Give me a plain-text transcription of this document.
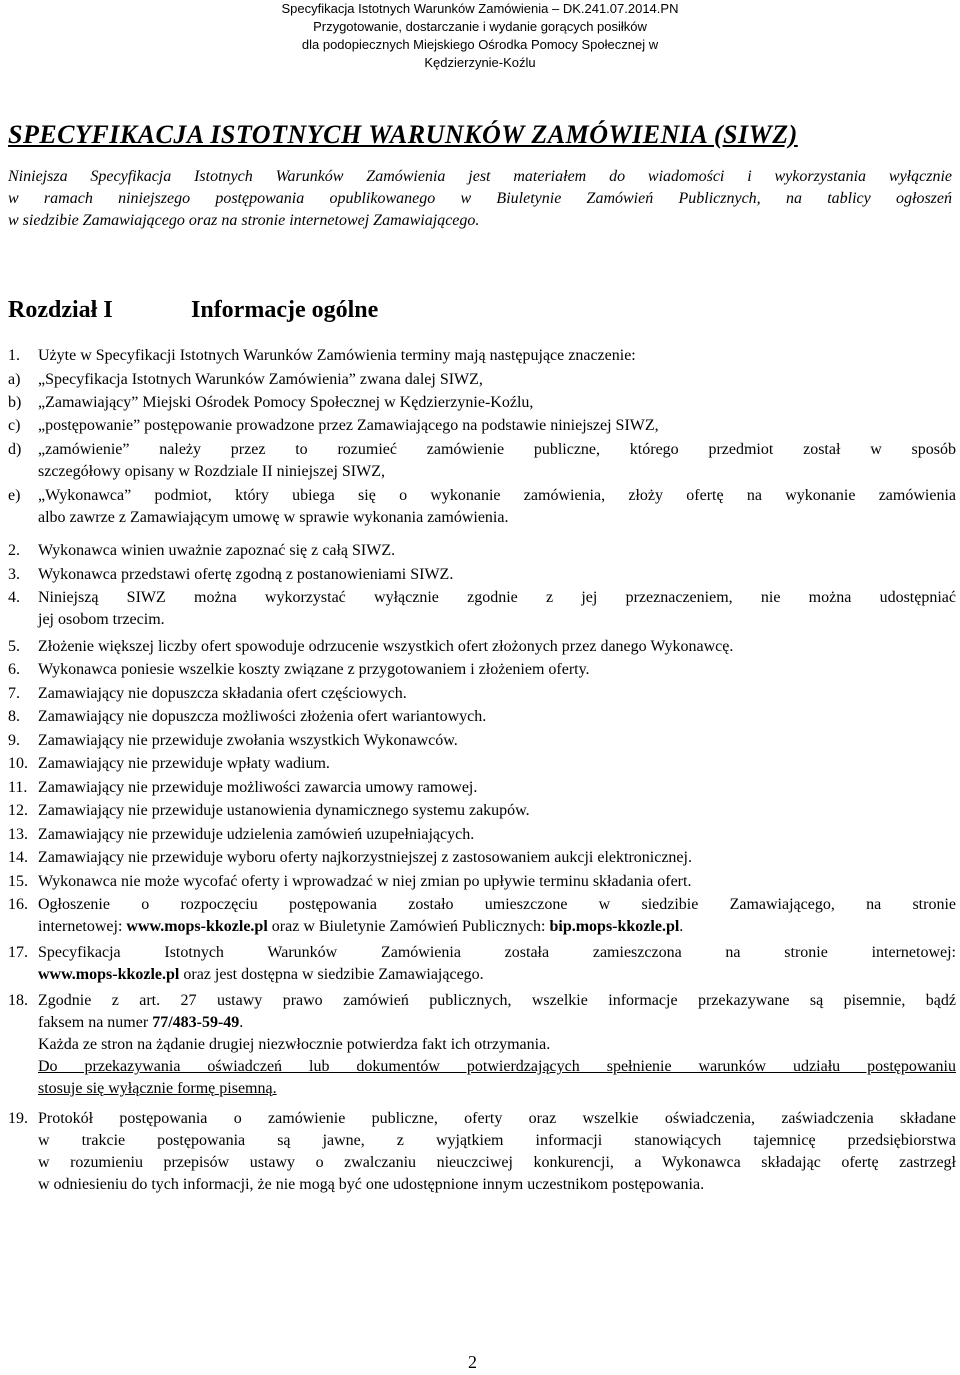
Specyfikacja Istotnych Warunków Zamówienia – DK.241.07.2014.PN
Przygotowanie, dostarczanie i wydanie gorących posiłków
dla podopiecznych Miejskiego Ośrodka Pomocy Społecznej w Kędzierzynie-Koźlu
SPECYFIKACJA ISTOTNYCH WARUNKÓW ZAMÓWIENIA (SIWZ)
Niniejsza Specyfikacja Istotnych Warunków Zamówienia jest materiałem do wiadomości i wykorzystania wyłącznie
w ramach niniejszego postępowania opublikowanego w Biuletynie Zamówień Publicznych, na tablicy ogłoszeń
w siedzibie Zamawiającego oraz na stronie internetowej Zamawiającego.
Rozdział I	Informacje ogólne
1. Użyte w Specyfikacji Istotnych Warunków Zamówienia terminy mają następujące znaczenie:
a) „Specyfikacja Istotnych Warunków Zamówienia” zwana dalej SIWZ,
b) „Zamawiający” Miejski Ośrodek Pomocy Społecznej w Kędzierzynie-Koźlu,
c) „postępowanie” postępowanie prowadzone przez Zamawiającego na podstawie niniejszej SIWZ,
d) „zamówienie” należy przez to rozumieć zamówienie publiczne, którego przedmiot został w sposób
szczegółowy opisany w Rozdziale II niniejszej SIWZ,
e) „Wykonawca” podmiot, który ubiega się o wykonanie zamówienia, złoży ofertę na wykonanie zamówienia
albo zawrze z Zamawiającym umowę w sprawie wykonania zamówienia.
2. Wykonawca winien uważnie zapoznać się z całą SIWZ.
3. Wykonawca przedstawi ofertę zgodną z postanowieniami SIWZ.
4. Niniejszą SIWZ można wykorzystać wyłącznie zgodnie z jej przeznaczeniem, nie można udostępniać
jej osobom trzecim.
5. Złożenie większej liczby ofert spowoduje odrzucenie wszystkich ofert złożonych przez danego Wykonawcę.
6. Wykonawca poniesie wszelkie koszty związane z przygotowaniem i złożeniem oferty.
7. Zamawiający nie dopuszcza składania ofert częściowych.
8. Zamawiający nie dopuszcza możliwości złożenia ofert wariantowych.
9. Zamawiający nie przewiduje zwołania wszystkich Wykonawców.
10. Zamawiający nie przewiduje wpłaty wadium.
11. Zamawiający nie przewiduje możliwości zawarcia umowy ramowej.
12. Zamawiający nie przewiduje ustanowienia dynamicznego systemu zakupów.
13. Zamawiający nie przewiduje udzielenia zamówień uzupełniających.
14. Zamawiający nie przewiduje wyboru oferty najkorzystniejszej z zastosowaniem aukcji elektronicznej.
15. Wykonawca nie może wycofać oferty i wprowadzać w niej zmian po upływie terminu składania ofert.
16. Ogłoszenie o rozpoczęciu postępowania zostało umieszczone w siedzibie Zamawiającego, na stronie
internetowej: www.mops-kkozle.pl oraz w Biuletynie Zamówień Publicznych: bip.mops-kkozle.pl.
17. Specyfikacja Istotnych Warunków Zamówienia została zamieszczona na stronie internetowej:
www.mops-kkozle.pl oraz jest dostępna w siedzibie Zamawiającego.
18. Zgodnie z art. 27 ustawy prawo zamówień publicznych, wszelkie informacje przekazywane są pisemnie, bądź
faksem na numer 77/483-59-49.
Każda ze stron na żądanie drugiej niezwłocznie potwierdza fakt ich otrzymania.
Do przekazywania oświadczeń lub dokumentów potwierdzających spełnienie warunków udziału postępowaniu
stosuje się wyłącznie formę pisemną.
19. Protokół postępowania o zamówienie publiczne, oferty oraz wszelkie oświadczenia, zaświadczenia składane
w trakcie postępowania są jawne, z wyjątkiem informacji stanowiących tajemnicę przedsiębiorstwa
w rozumieniu przepisów ustawy o zwalczaniu nieuczciwej konkurencji, a Wykonawca składając ofertę zastrzegł
w odniesieniu do tych informacji, że nie mogą być one udostępnione innym uczestnikom postępowania.
2
